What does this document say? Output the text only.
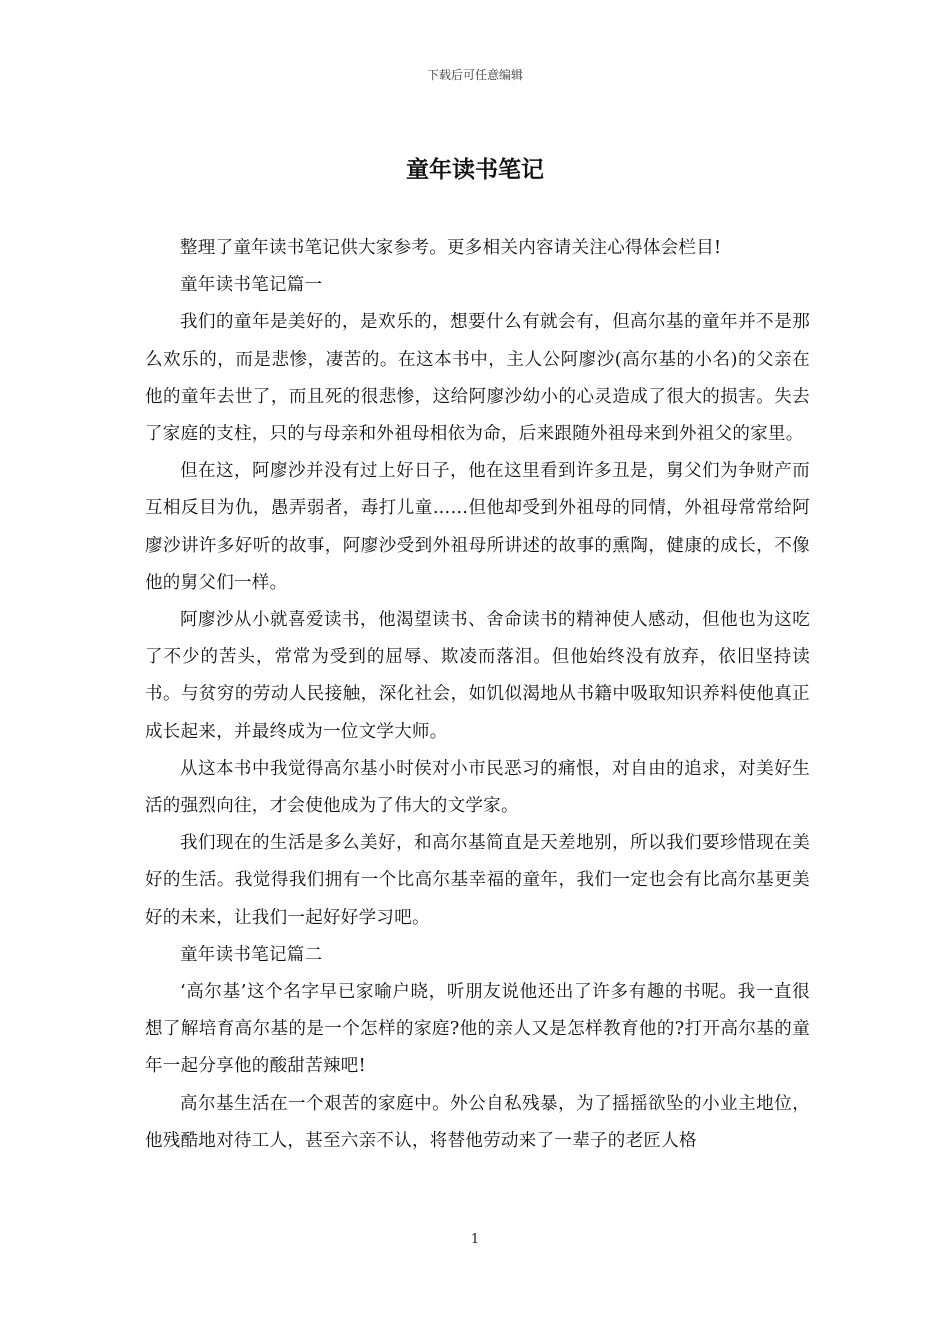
下载后可任意编辑
童年读书笔记

整理了童年读书笔记供大家参考。更多相关内容请关注心得体会栏目!

童年读书笔记篇一

我们的童年是美好的，是欢乐的，想要什么有就会有，但高尔基的童年并不是那么欢乐的，而是悲惨，凄苦的。在这本书中，主人公阿廖沙(高尔基的小名)的父亲在他的童年去世了，而且死的很悲惨，这给阿廖沙幼小的心灵造成了很大的损害。失去了家庭的支柱，只的与母亲和外祖母相依为命，后来跟随外祖母来到外祖父的家里。

但在这，阿廖沙并没有过上好日子，他在这里看到许多丑是，舅父们为争财产而互相反目为仇，愚弄弱者，毒打儿童……但他却受到外祖母的同情，外祖母常常给阿廖沙讲许多好听的故事，阿廖沙受到外祖母所讲述的故事的熏陶，健康的成长，不像他的舅父们一样。

阿廖沙从小就喜爱读书，他渴望读书、舍命读书的精神使人感动，但他也为这吃了不少的苦头，常常为受到的屈辱、欺凌而落泪。但他始终没有放弃，依旧坚持读书。与贫穷的劳动人民接触，深化社会，如饥似渴地从书籍中吸取知识养料使他真正成长起来，并最终成为一位文学大师。

从这本书中我觉得高尔基小时侯对小市民恶习的痛恨，对自由的追求，对美好生活的强烈向往，才会使他成为了伟大的文学家。

我们现在的生活是多么美好，和高尔基简直是天差地别，所以我们要珍惜现在美好的生活。我觉得我们拥有一个比高尔基幸福的童年，我们一定也会有比高尔基更美好的未来，让我们一起好好学习吧。

童年读书笔记篇二

‘高尔基’这个名字早已家喻户晓，听朋友说他还出了许多有趣的书呢。我一直很想了解培育高尔基的是一个怎样的家庭?他的亲人又是怎样教育他的?打开高尔基的童年一起分享他的酸甜苦辣吧!

高尔基生活在一个艰苦的家庭中。外公自私残暴，为了摇摇欲坠的小业主地位，他残酷地对待工人，甚至六亲不认，将替他劳动来了一辈子的老匠人格

1
